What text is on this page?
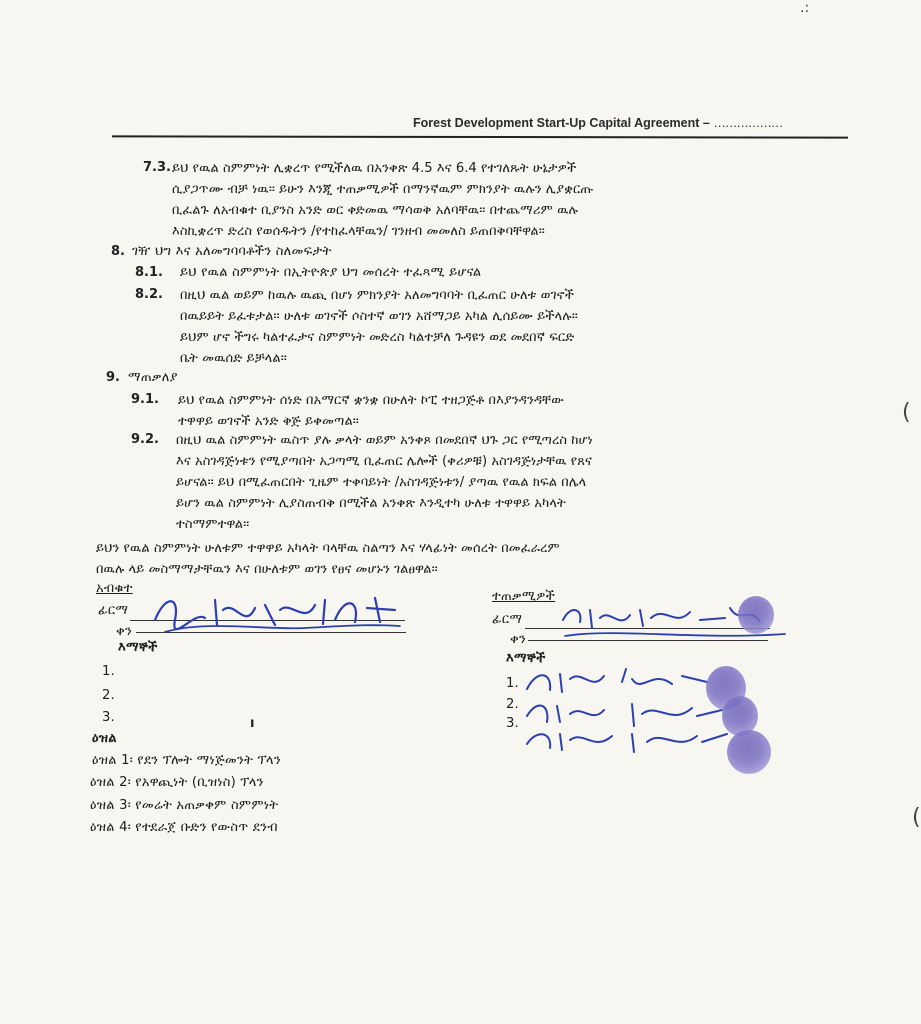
.:
(
(
Forest Development Start-Up Capital Agreement – ………………
7.3. ይህ የዉል ስምምነት ሊቋረጥ የሚችለዉ በአንቀጽ 4.5 እና 6.4 የተገለጹት ሁኔታዎች
ሲያጋጥሙ ብቻ ነዉ። ይሁን እንጂ ተጠቃሚዎች በማንኛዉም ምክንያት ዉሉን ሊያቋርጡ
ቢፈልጉ ለአብቁተ ቢያንስ አንድ ወር ቀድመዉ ማሳወቅ አለባቸዉ። በተጨማሪም ዉሉ
እስኪቋረጥ ድረስ የወሰዱትን /የተከፈላቸዉን/ ገንዘብ መመለስ ይጠበቅባቸዋል።
8. ገዥ ህግ እና አለመግባባቶችን ስለመፍታት
8.1. ይህ የዉል ስምምነት በኢትዮጵያ ህግ መሰረት ተፈጻሚ ይሆናል
8.2. በዚህ ዉል ወይም ከዉሉ ዉጪ በሆነ ምክንያት አለመግባባት ቢፈጠር ሁለቱ ወገኖች
በዉይይት ይፈቱታል። ሁለቱ ወገኖች ሶስተኛ ወገን አሸማጋይ አካል ሊሰይሙ ይችላሉ።
ይህም ሆኖ ችግሩ ካልተፈታና ስምምነት መድረስ ካልተቻለ ጉዳዩን ወደ መደበኛ ፍርድ
ቤት መዉሰድ ይቻላል።
9. ማጠቃለያ
9.1. ይህ የዉል ስምምነት ሰነድ በአማርኛ ቋንቋ በሁለት ኮፒ ተዘጋጅቶ በእያንዳንዳቸው
ተዋዋይ ወገኖች አንድ ቅጅ ይቀመጣል።
9.2. በዚህ ዉል ስምምነት ዉስጥ ያሉ ቃላት ወይም አንቀጾ በመደበኛ ህጉ ጋር የሚጣረስ ከሆነ
እና አስገዳጅነቱን የሚያጣበት አጋጣሚ ቢፈጠር ሌሎች (ቀሪዎቹ) አስገዳጅነታቸዉ የጸና
ይሆናል። ይህ በሚፈጠርበት ጊዜም ተቀባይነት /አስገዳጅነቱን/ ያጣዉ የዉል ክፍል በሌላ
ይሆን ዉል ስምምነት ሊያስጠብቅ በሚችል አንቀጽ እንዲተካ ሁለቱ ተዋዋይ አካላት
ተስማምተዋል።
ይህን የዉል ስምምነት ሁለቱም ተዋዋይ አካላት ባላቸዉ ስልጣን እና ሃላፊነት መሰረት በመፈራረም
በዉሉ ላይ መስማማታቸዉን እና በሁለቱም ወገን የፀና መሆኑን ገልፀዋል።
አብቁተ
ፊርማ
ቀን
እማኞች
1.
2.
3.
ተጠቃሚዎች
ፊርማ
ቀን
እማኞች
1.
2.
3.
ዕዝል
ዕዝል 1፡ የደን ፕሎት ማነጅመንት ፕላን
ዕዝል 2፡ የአዋጪነት (ቢዝነስ) ፕላን
ዕዝል 3፡ የመሬት አጠቃቀም ስምምነት
ዕዝል 4፡ የተደራጀ ቡድን የውስጥ ደንብ
ı
